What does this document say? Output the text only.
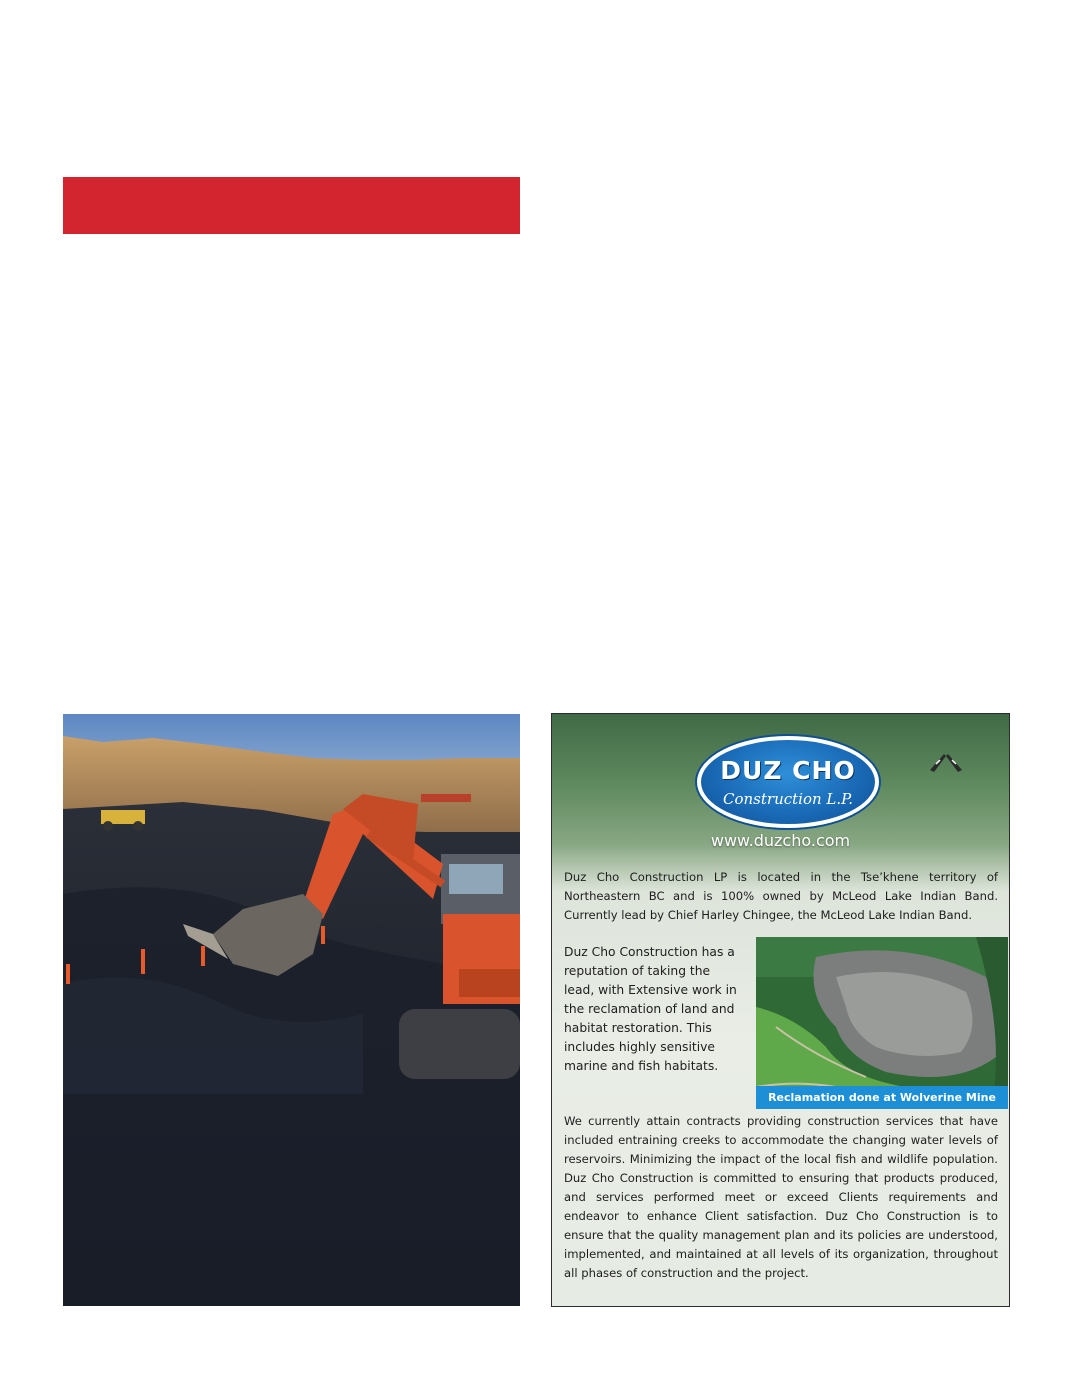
DUZ CHO
Construction L.P.
www.duzcho.com
Duz Cho Construction LP is located in the Tse’khene territory of Northeastern BC and is 100% owned by McLeod Lake Indian Band. Currently lead by Chief Harley Chingee, the McLeod Lake Indian Band.
Duz Cho Construction has a reputation of taking the lead, with Extensive work in the reclamation of land and habitat restoration. This includes highly sensitive marine and fish habitats.
Reclamation done at Wolverine Mine
We currently attain contracts providing construction services that have included entraining creeks to accommodate the changing water levels of reservoirs. Minimizing the impact of the local fish and wildlife population. Duz Cho Construction is committed to ensuring that products produced, and services performed meet or exceed Clients requirements and endeavor to enhance Client satisfaction. Duz Cho Construction is to ensure that the quality management plan and its policies are understood, implemented, and maintained at all levels of its organization, throughout all phases of construction and the project.
